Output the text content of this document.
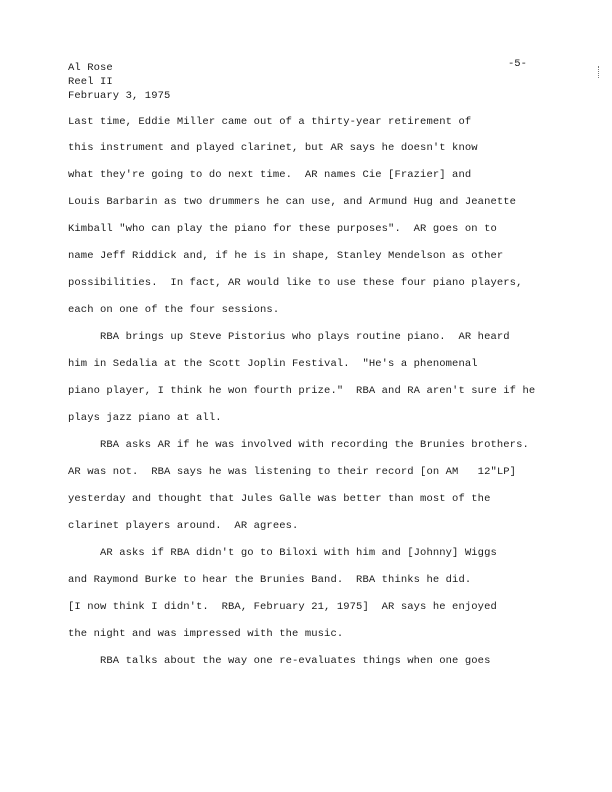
Al Rose
Reel II
February 3, 1975
-5-
Last time, Eddie Miller came out of a thirty-year retirement of
this instrument and played clarinet, but AR says he doesn't know
what they're going to do next time.  AR names Cie [Frazier] and
Louis Barbarin as two drummers he can use, and Armund Hug and Jeanette
Kimball "who can play the piano for these purposes".  AR goes on to
name Jeff Riddick and, if he is in shape, Stanley Mendelson as other
possibilities.  In fact, AR would like to use these four piano players,
each on one of the four sessions.
RBA brings up Steve Pistorius who plays routine piano.  AR heard
him in Sedalia at the Scott Joplin Festival.  "He's a phenomenal
piano player, I think he won fourth prize."  RBA and RA aren't sure if he
plays jazz piano at all.
RBA asks AR if he was involved with recording the Brunies brothers.
AR was not.  RBA says he was listening to their record [on AM   12"LP]
yesterday and thought that Jules Galle was better than most of the
clarinet players around.  AR agrees.
AR asks if RBA didn't go to Biloxi with him and [Johnny] Wiggs
and Raymond Burke to hear the Brunies Band.  RBA thinks he did.
[I now think I didn't.  RBA, February 21, 1975]  AR says he enjoyed
the night and was impressed with the music.
RBA talks about the way one re-evaluates things when one goes
